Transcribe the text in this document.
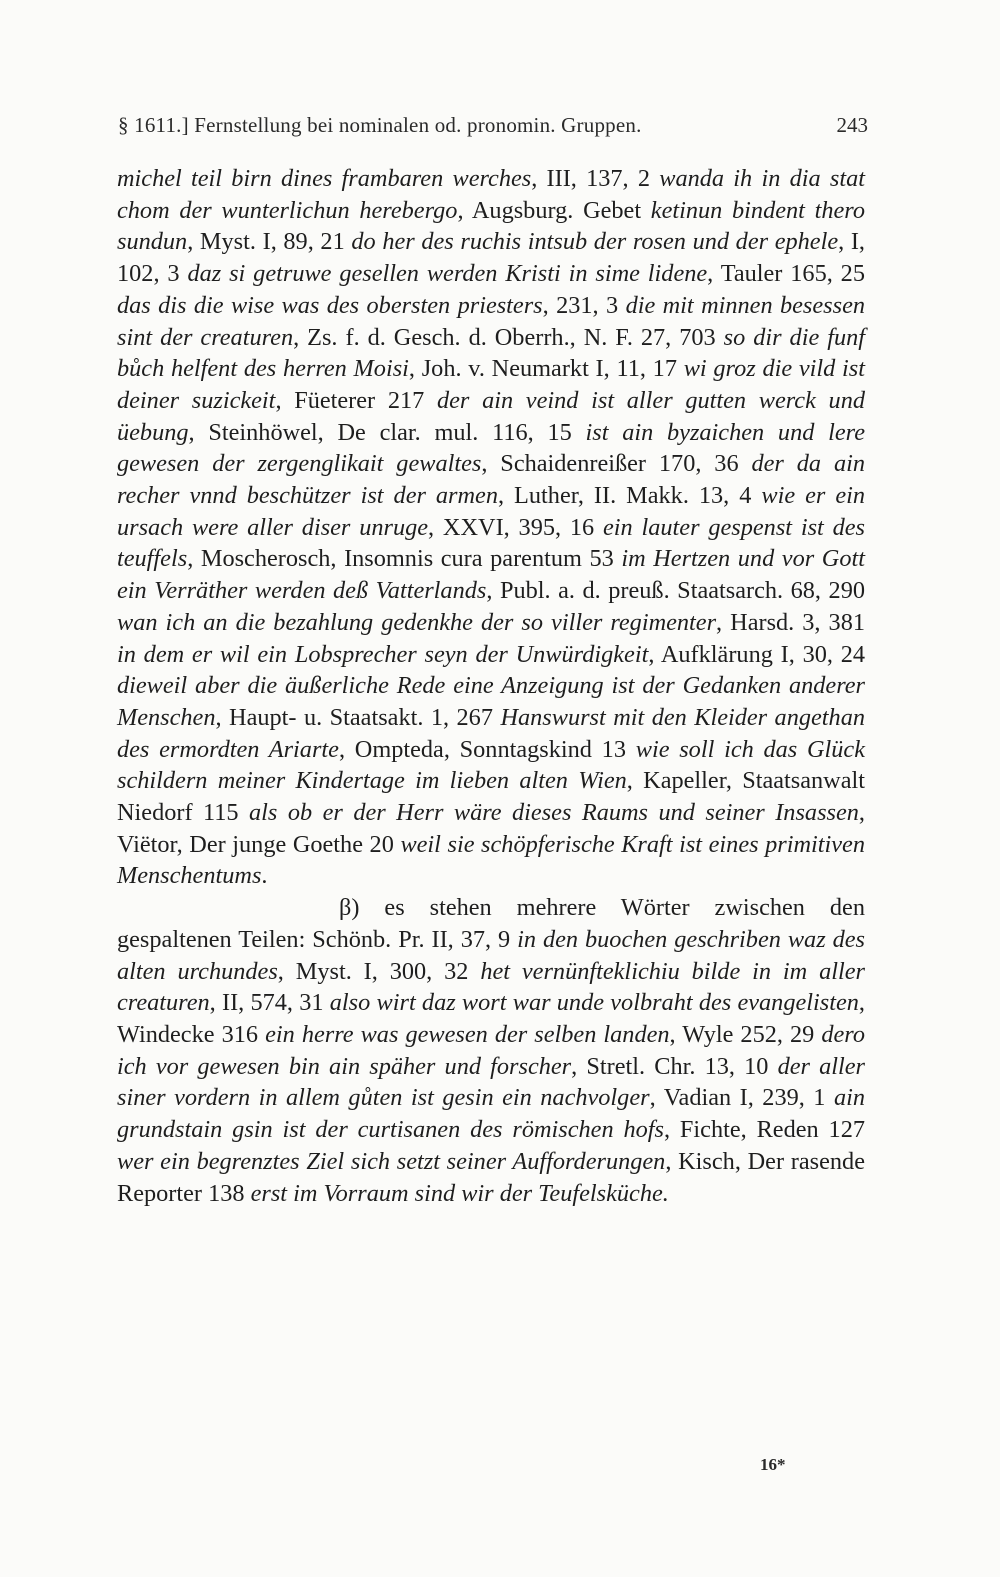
§ 1611.] Fernstellung bei nominalen od. pronomin. Gruppen.	243

michel teil birn dines frambaren werches, III, 137, 2 wanda ih in dia stat chom der wunterlichun herebergo, Augsburg. Gebet ketinun bindent thero sundun, Myst. I, 89, 21 do her des ruchis intsub der rosen und der ephele, I, 102, 3 daz si getruwe gesellen werden Kristi in sime lidene, Tauler 165, 25 das dis die wise was des obersten priesters, 231, 3 die mit minnen besessen sint der creaturen, Zs. f. d. Gesch. d. Oberrh., N. F. 27, 703 so dir die funf bůch helfent des herren Moisi, Joh. v. Neumarkt I, 11, 17 wi groz die vild ist deiner suzickeit, Füeterer 217 der ain veind ist aller gutten werck und üebung, Steinhöwel, De clar. mul. 116, 15 ist ain byzaichen und lere gewesen der zergenglikait gewaltes, Schaidenreißer 170, 36 der da ain recher vnnd beschützer ist der armen, Luther, II. Makk. 13, 4 wie er ein ursach were aller diser unruge, XXVI, 395, 16 ein lauter gespenst ist des teuffels, Moscherosch, Insomnis cura parentum 53 im Hertzen und vor Gott ein Verräther werden deß Vatterlands, Publ. a. d. preuß. Staatsarch. 68, 290 wan ich an die bezahlung gedenkhe der so viller regimenter, Harsd. 3, 381 in dem er wil ein Lobsprecher seyn der Unwürdigkeit, Aufklärung I, 30, 24 dieweil aber die äußerliche Rede eine Anzeigung ist der Gedanken anderer Menschen, Haupt- u. Staatsakt. 1, 267 Hanswurst mit den Kleider angethan des ermordten Ariarte, Ompteda, Sonntagskind 13 wie soll ich das Glück schildern meiner Kindertage im lieben alten Wien, Kapeller, Staatsanwalt Niedorf 115 als ob er der Herr wäre dieses Raums und seiner Insassen, Viëtor, Der junge Goethe 20 weil sie schöpferische Kraft ist eines primitiven Menschentums.

β) es stehen mehrere Wörter zwischen den gespaltenen Teilen: Schönb. Pr. II, 37, 9 in den buochen geschriben waz des alten urchundes, Myst. I, 300, 32 het vernünfteklichiu bilde in im aller creaturen, II, 574, 31 also wirt daz wort war unde volbraht des evangelisten, Windecke 316 ein herre was gewesen der selben landen, Wyle 252, 29 dero ich vor gewesen bin ain späher und forscher, Stretl. Chr. 13, 10 der aller siner vordern in allem gůten ist gesin ein nachvolger, Vadian I, 239, 1 ain grundstain gsin ist der curtisanen des römischen hofs, Fichte, Reden 127 wer ein begrenztes Ziel sich setzt seiner Aufforderungen, Kisch, Der rasende Reporter 138 erst im Vorraum sind wir der Teufelsküche.

16*
